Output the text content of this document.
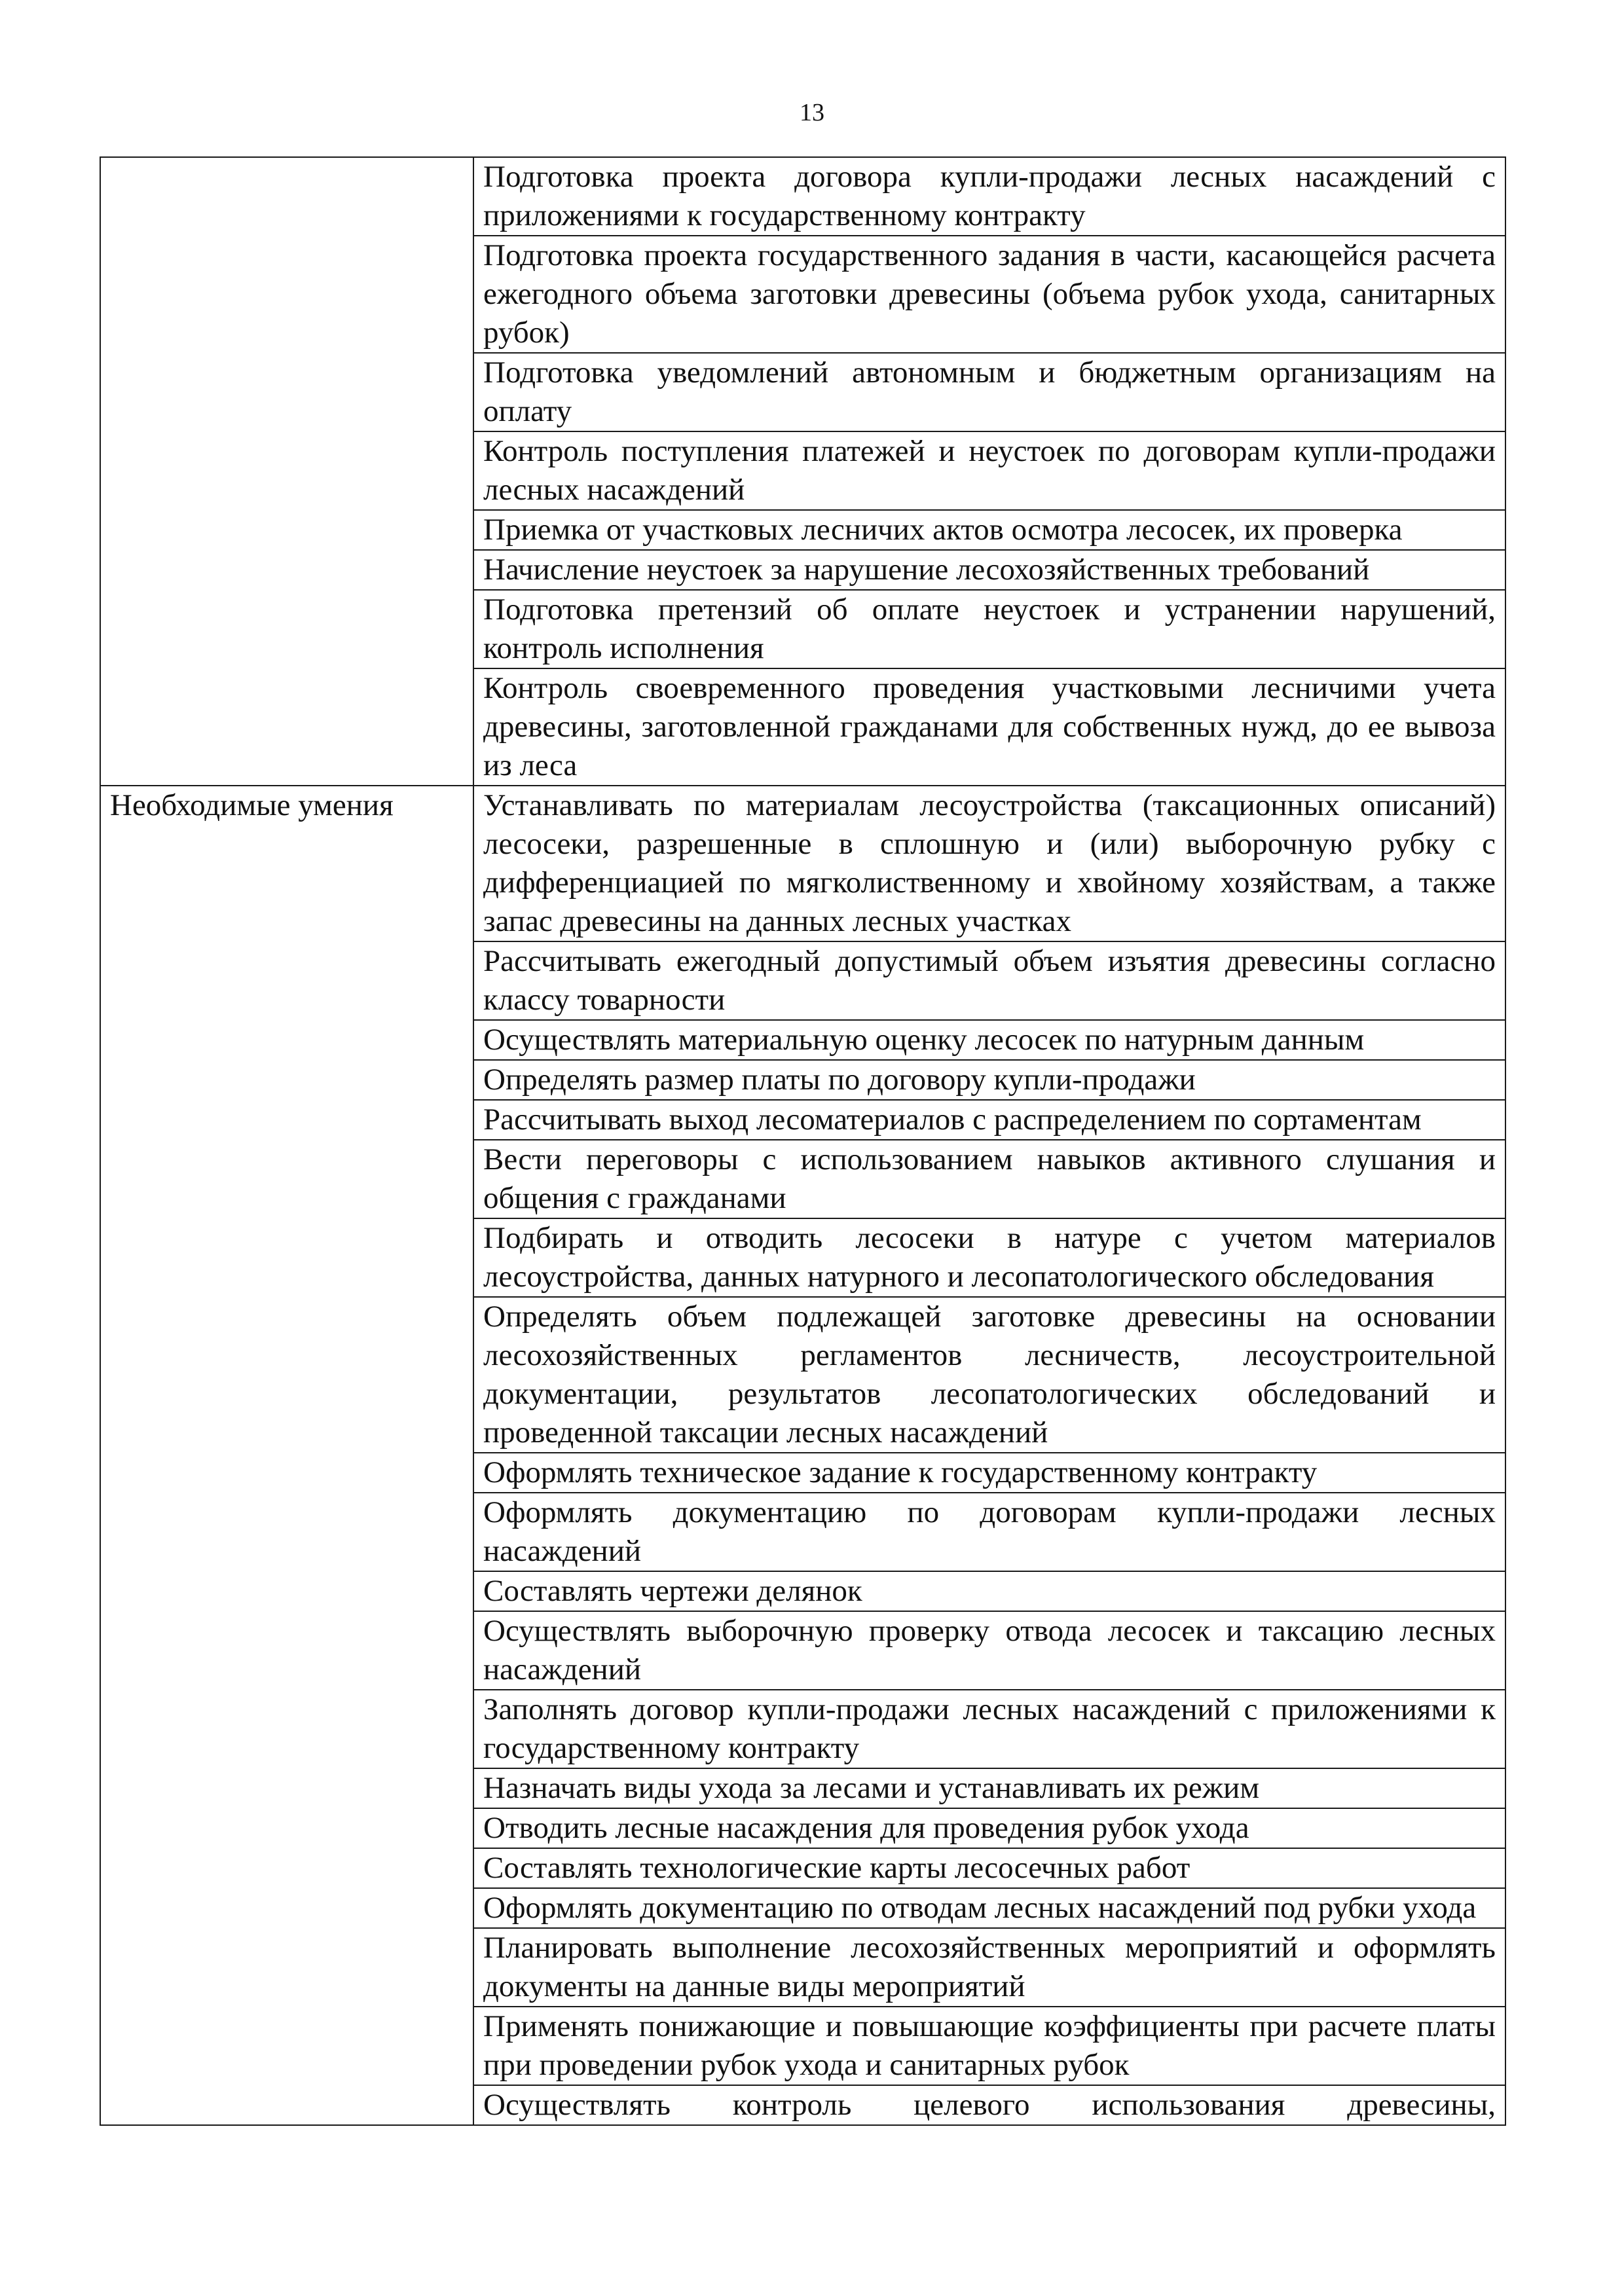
13
	Подготовка проекта договора купли-продажи лесных насаждений с приложениями к государственному контракту
	Подготовка проекта государственного задания в части, касающейся расчета ежегодного объема заготовки древесины (объема рубок ухода, санитарных рубок)
	Подготовка уведомлений автономным и бюджетным организациям на оплату
	Контроль поступления платежей и неустоек по договорам купли-продажи лесных насаждений
	Приемка от участковых лесничих актов осмотра лесосек, их проверка
	Начисление неустоек за нарушение лесохозяйственных требований
	Подготовка претензий об оплате неустоек и устранении нарушений, контроль исполнения
	Контроль своевременного проведения участковыми лесничими учета древесины, заготовленной гражданами для собственных нужд, до ее вывоза из леса
Необходимые умения	Устанавливать по материалам лесоустройства (таксационных описаний) лесосеки, разрешенные в сплошную и (или) выборочную рубку с дифференциацией по мягколиственному и хвойному хозяйствам, а также запас древесины на данных лесных участках
	Рассчитывать ежегодный допустимый объем изъятия древесины согласно классу товарности
	Осуществлять материальную оценку лесосек по натурным данным
	Определять размер платы по договору купли-продажи
	Рассчитывать выход лесоматериалов с распределением по сортаментам
	Вести переговоры с использованием навыков активного слушания и общения с гражданами
	Подбирать и отводить лесосеки в натуре с учетом материалов лесоустройства, данных натурного и лесопатологического обследования
	Определять объем подлежащей заготовке древесины на основании лесохозяйственных регламентов лесничеств, лесоустроительной документации, результатов лесопатологических обследований и проведенной таксации лесных насаждений
	Оформлять техническое задание к государственному контракту
	Оформлять документацию по договорам купли-продажи лесных насаждений
	Составлять чертежи делянок
	Осуществлять выборочную проверку отвода лесосек и таксацию лесных насаждений
	Заполнять договор купли-продажи лесных насаждений с приложениями к государственному контракту
	Назначать виды ухода за лесами и устанавливать их режим
	Отводить лесные насаждения для проведения рубок ухода
	Составлять технологические карты лесосечных работ
	Оформлять документацию по отводам лесных насаждений под рубки ухода
	Планировать выполнение лесохозяйственных мероприятий и оформлять документы на данные виды мероприятий
	Применять понижающие и повышающие коэффициенты при расчете платы при проведении рубок ухода и санитарных рубок
	Осуществлять контроль целевого использования древесины,
